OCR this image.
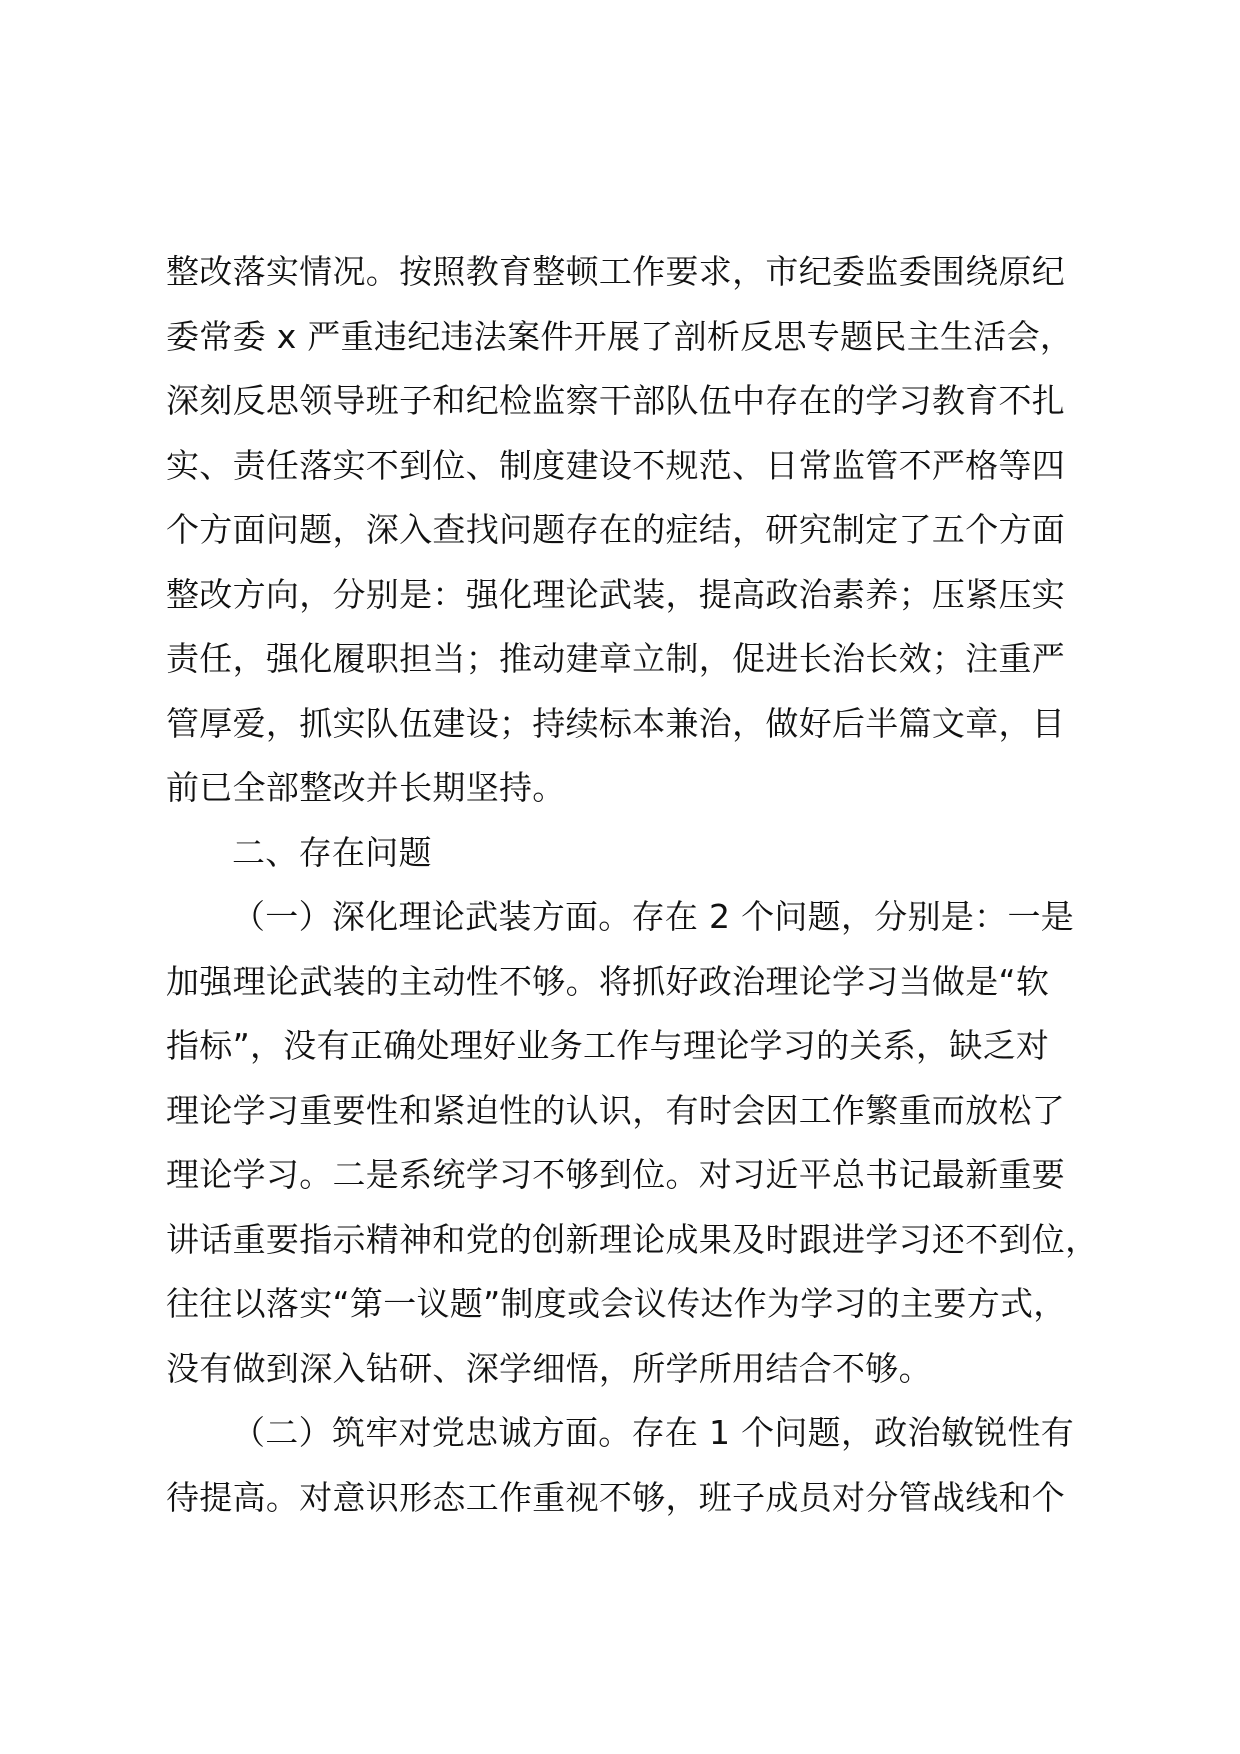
整改落实情况。按照教育整顿工作要求，市纪委监委围绕原纪
委常委 x 严重违纪违法案件开展了剖析反思专题民主生活会，
深刻反思领导班子和纪检监察干部队伍中存在的学习教育不扎
实、责任落实不到位、制度建设不规范、日常监管不严格等四
个方面问题，深入查找问题存在的症结，研究制定了五个方面
整改方向，分别是：强化理论武装，提高政治素养；压紧压实
责任，强化履职担当；推动建章立制，促进长治长效；注重严
管厚爱，抓实队伍建设；持续标本兼治，做好后半篇文章，目
前已全部整改并长期坚持。
二、存在问题
（一）深化理论武装方面。存在 2 个问题，分别是：一是
加强理论武装的主动性不够。将抓好政治理论学习当做是“软
指标”，没有正确处理好业务工作与理论学习的关系，缺乏对
理论学习重要性和紧迫性的认识，有时会因工作繁重而放松了
理论学习。二是系统学习不够到位。对习近平总书记最新重要
讲话重要指示精神和党的创新理论成果及时跟进学习还不到位，
往往以落实“第一议题”制度或会议传达作为学习的主要方式，
没有做到深入钻研、深学细悟，所学所用结合不够。
（二）筑牢对党忠诚方面。存在 1 个问题，政治敏锐性有
待提高。对意识形态工作重视不够，班子成员对分管战线和个
